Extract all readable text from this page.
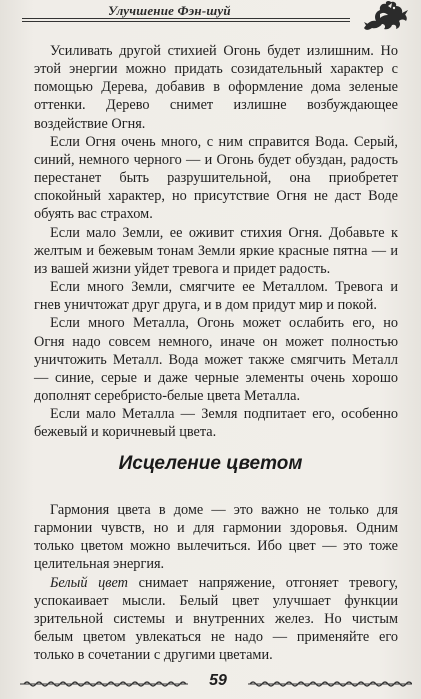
Улучшение Фэн-шуй

Усиливать другой стихией Огонь будет излишним. Но этой энергии можно придать созидательный характер с помощью Дерева, добавив в оформление дома зеленые оттенки. Дерево снимет излишне возбуждающее воздействие Огня.

Если Огня очень много, с ним справится Вода. Серый, синий, немного черного — и Огонь будет обуздан, радость перестанет быть разрушительной, она приобретет спокойный характер, но присутствие Огня не даст Воде обуять вас страхом.

Если мало Земли, ее оживит стихия Огня. Добавьте к желтым и бежевым тонам Земли яркие красные пятна — и из вашей жизни уйдет тревога и придет радость.

Если много Земли, смягчите ее Металлом. Тревога и гнев уничтожат друг друга, и в дом придут мир и покой.

Если много Металла, Огонь может ослабить его, но Огня надо совсем немного, иначе он может полностью уничтожить Металл. Вода может также смягчить Металл — синие, серые и даже черные элементы очень хорошо дополнят серебристо-белые цвета Металла.

Если мало Металла — Земля подпитает его, особенно бежевый и коричневый цвета.

Исцеление цветом

Гармония цвета в доме — это важно не только для гармонии чувств, но и для гармонии здоровья. Одним только цветом можно вылечиться. Ибо цвет — это тоже целительная энергия.

Белый цвет снимает напряжение, отгоняет тревогу, успокаивает мысли. Белый цвет улучшает функции зрительной системы и внутренних желез. Но чистым белым цветом увлекаться не надо — применяйте его только в сочетании с другими цветами.

59
